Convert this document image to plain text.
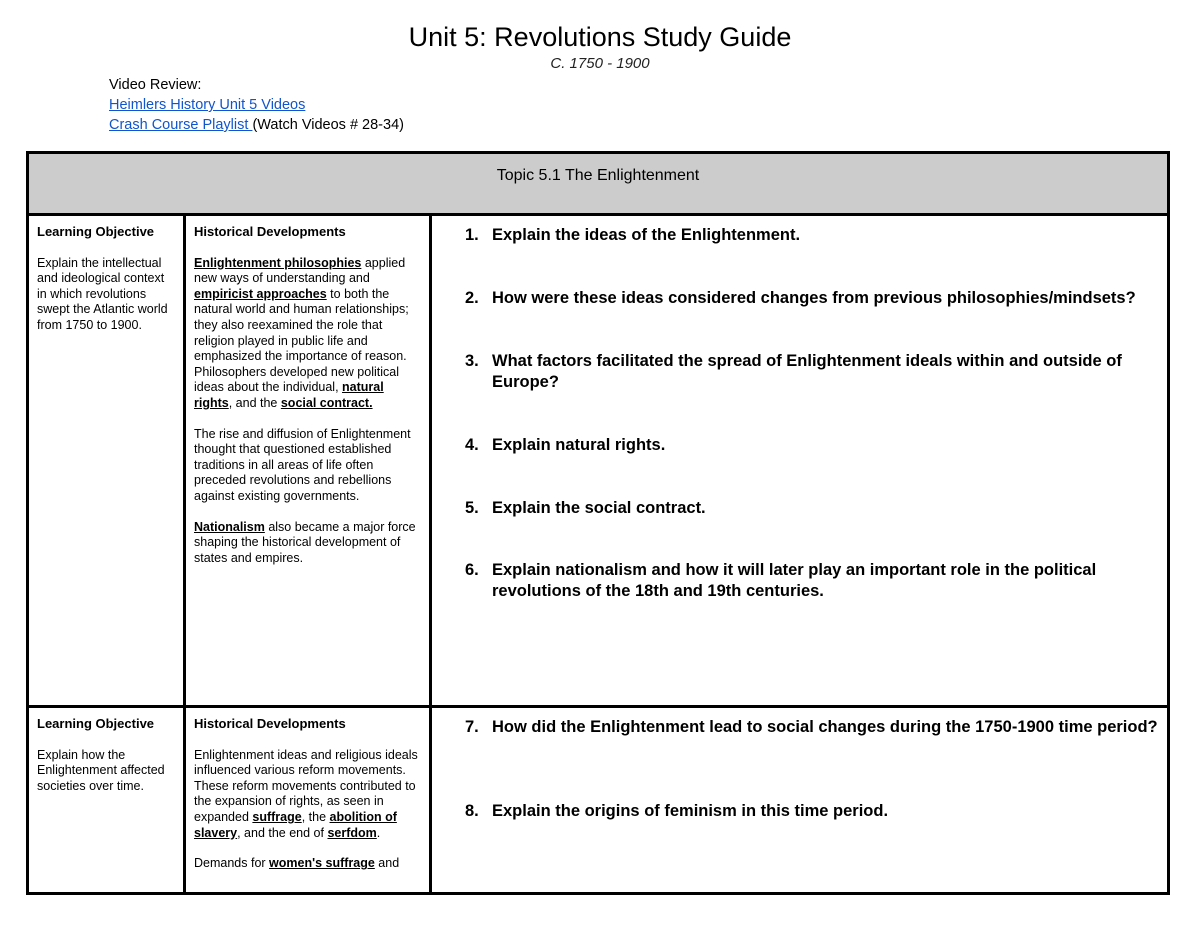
Unit 5: Revolutions Study Guide
C. 1750 - 1900
Video Review:
Heimlers History Unit 5 Videos
Crash Course Playlist (Watch Videos # 28-34)
Topic 5.1 The Enlightenment
Learning Objective
Explain the intellectual and ideological context in which revolutions swept the Atlantic world from 1750 to 1900.
Historical Developments

Enlightenment philosophies applied new ways of understanding and empiricist approaches to both the natural world and human relationships; they also reexamined the role that religion played in public life and emphasized the importance of reason. Philosophers developed new political ideas about the individual, natural rights, and the social contract.

The rise and diffusion of Enlightenment thought that questioned established traditions in all areas of life often preceded revolutions and rebellions against existing governments.

Nationalism also became a major force shaping the historical development of states and empires.

1. Explain the ideas of the Enlightenment.
2. How were these ideas considered changes from previous philosophies/mindsets?
3. What factors facilitated the spread of Enlightenment ideals within and outside of Europe?
4. Explain natural rights.
5. Explain the social contract.
6. Explain nationalism and how it will later play an important role in the political revolutions of the 18th and 19th centuries.
Learning Objective
Explain how the Enlightenment affected societies over time.
Historical Developments

Enlightenment ideas and religious ideals influenced various reform movements. These reform movements contributed to the expansion of rights, as seen in expanded suffrage, the abolition of slavery, and the end of serfdom.

Demands for women's suffrage and

7. How did the Enlightenment lead to social changes during the 1750-1900 time period?
8. Explain the origins of feminism in this time period.
